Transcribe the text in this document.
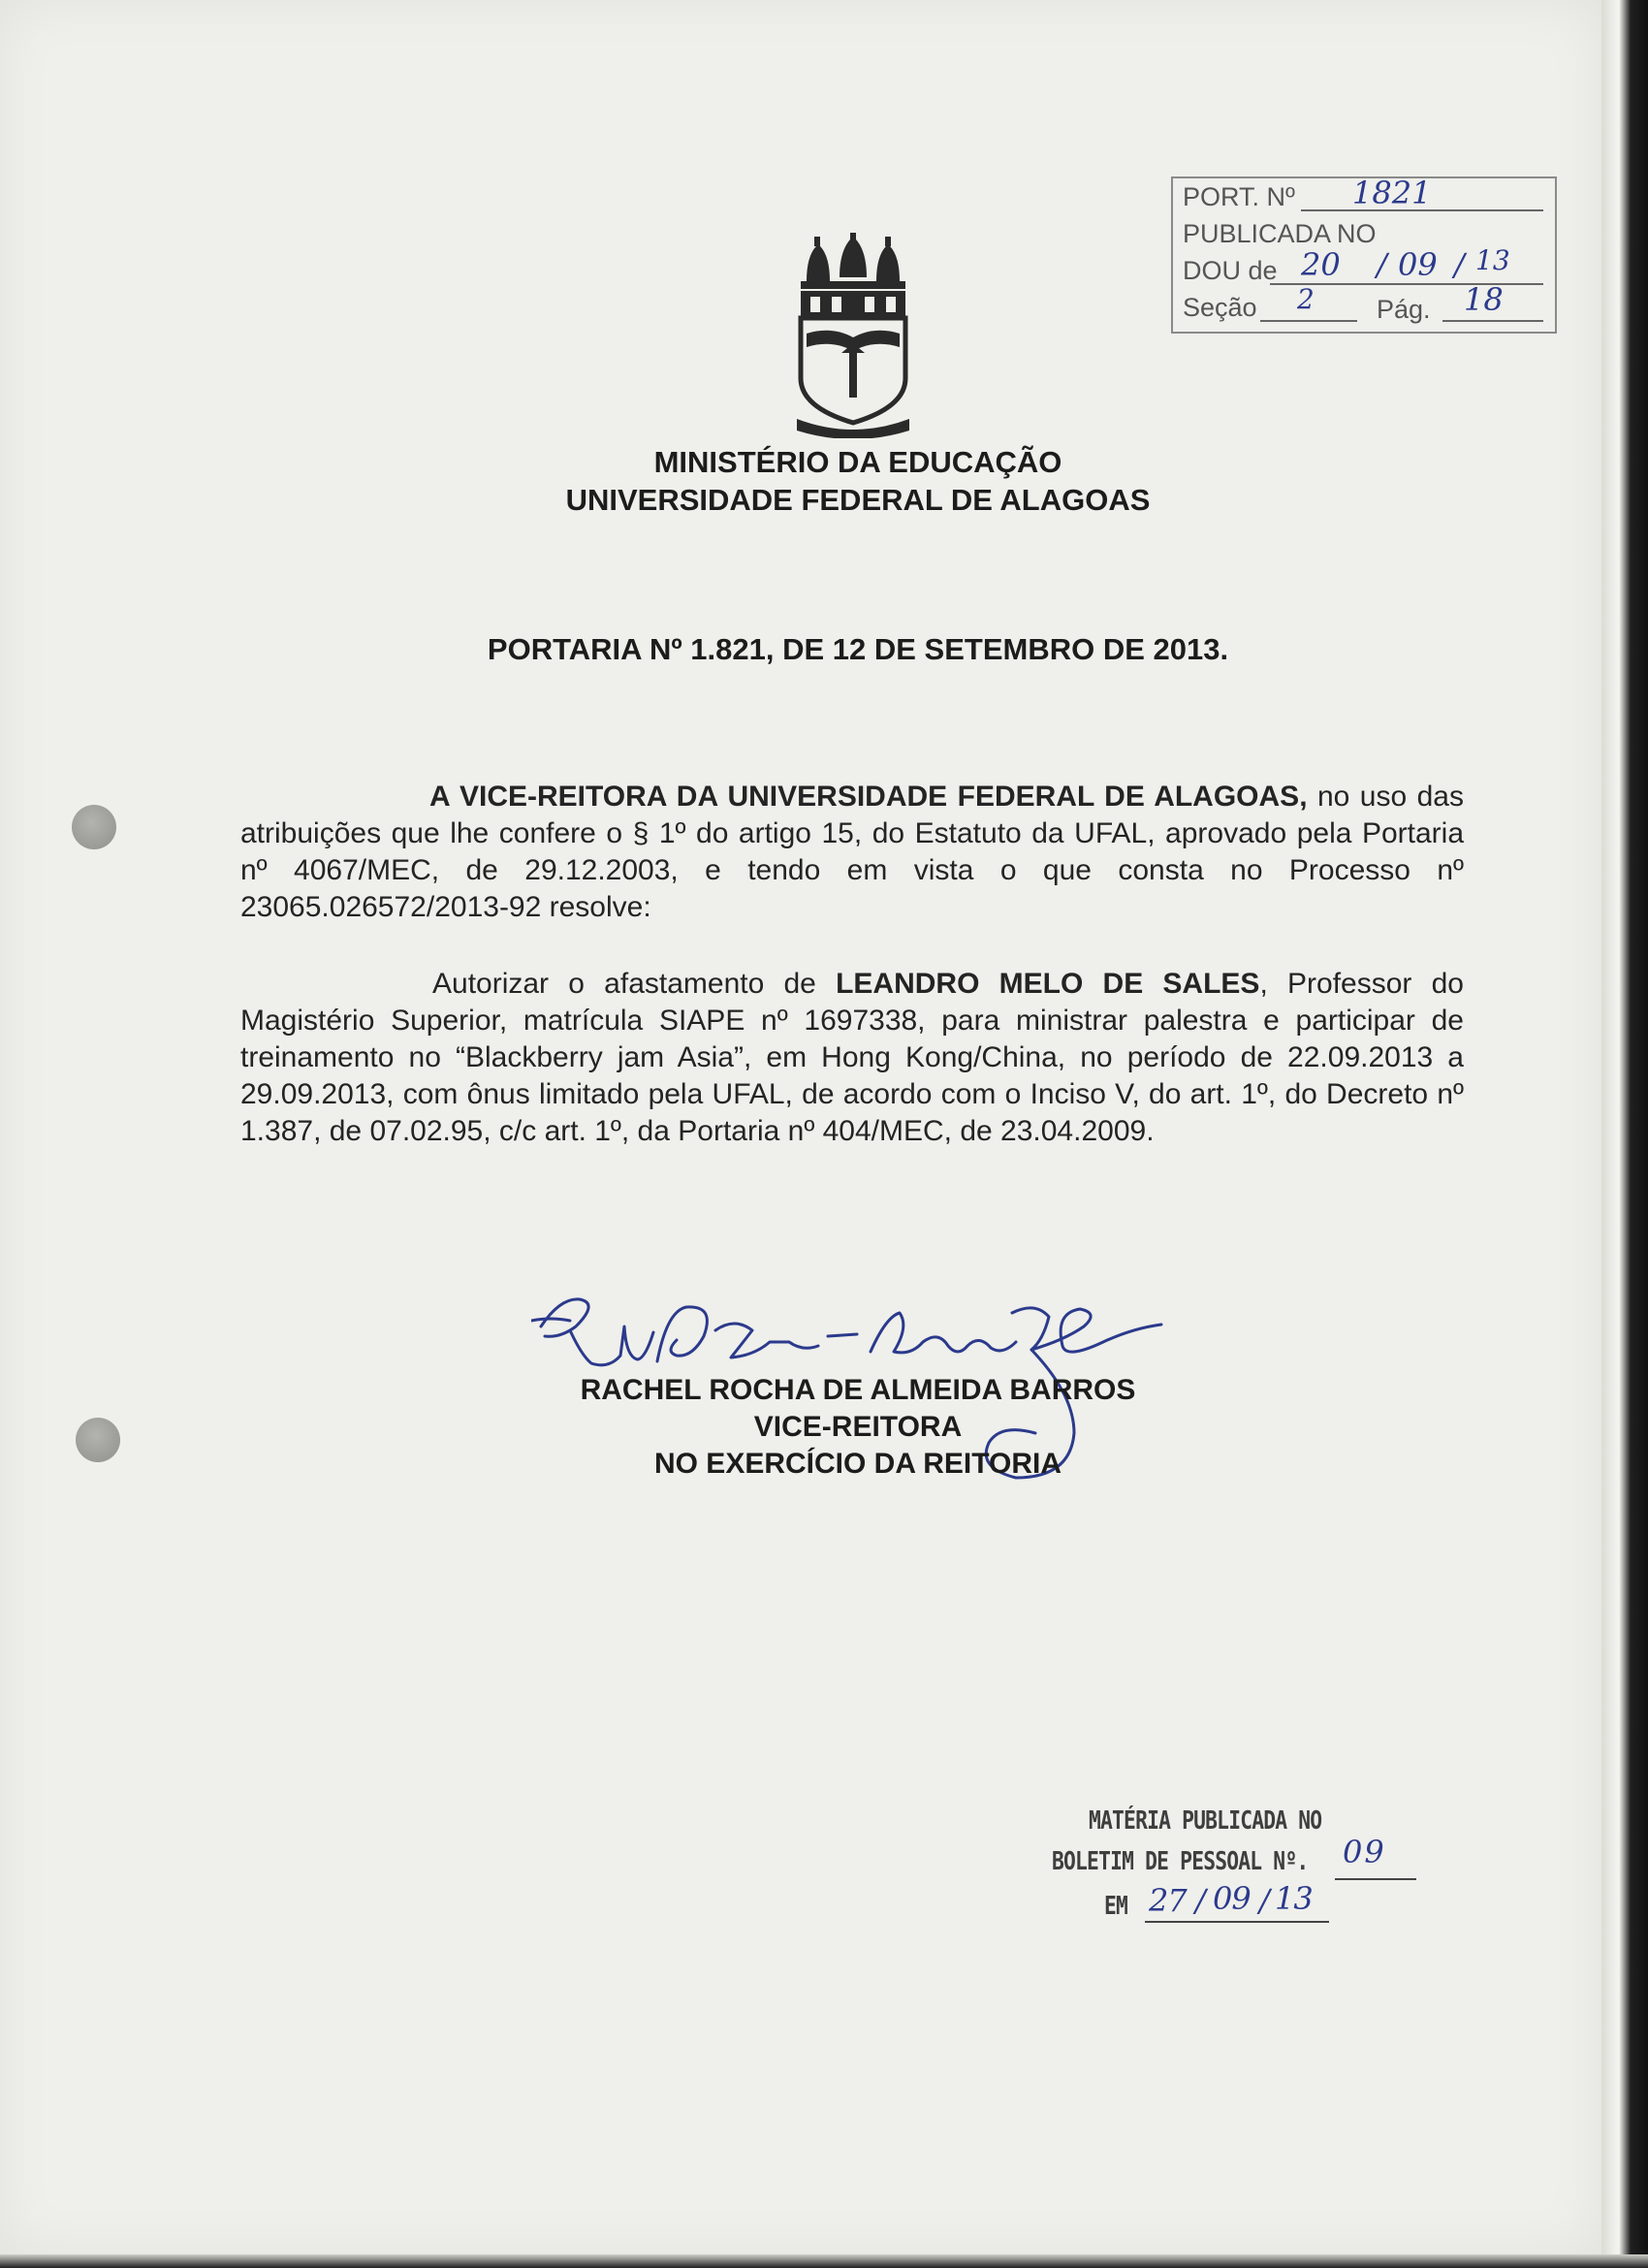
PORT. Nº 1821
PUBLICADA NO
DOU de 20 / 09 / 13
Seção 2 Pág. 18
MINISTÉRIO DA EDUCAÇÃO
UNIVERSIDADE FEDERAL DE ALAGOAS
PORTARIA Nº 1.821, DE 12 DE SETEMBRO DE 2013.

A VICE-REITORA DA UNIVERSIDADE FEDERAL DE ALAGOAS, no uso das atribuições que lhe confere o § 1º do artigo 15, do Estatuto da UFAL, aprovado pela Portaria nº 4067/MEC, de 29.12.2003, e tendo em vista o que consta no Processo nº 23065.026572/2013-92 resolve:

Autorizar o afastamento de LEANDRO MELO DE SALES, Professor do Magistério Superior, matrícula SIAPE nº 1697338, para ministrar palestra e participar de treinamento no “Blackberry jam Asia”, em Hong Kong/China, no período de 22.09.2013 a 29.09.2013, com ônus limitado pela UFAL, de acordo com o Inciso V, do art. 1º, do Decreto nº 1.387, de 07.02.95, c/c art. 1º, da Portaria nº 404/MEC, de 23.04.2009.

RACHEL ROCHA DE ALMEIDA BARROS
VICE-REITORA
NO EXERCÍCIO DA REITORIA
MATÉRIA PUBLICADA NO
BOLETIM DE PESSOAL Nº. 09
EM 27 / 09 / 13
